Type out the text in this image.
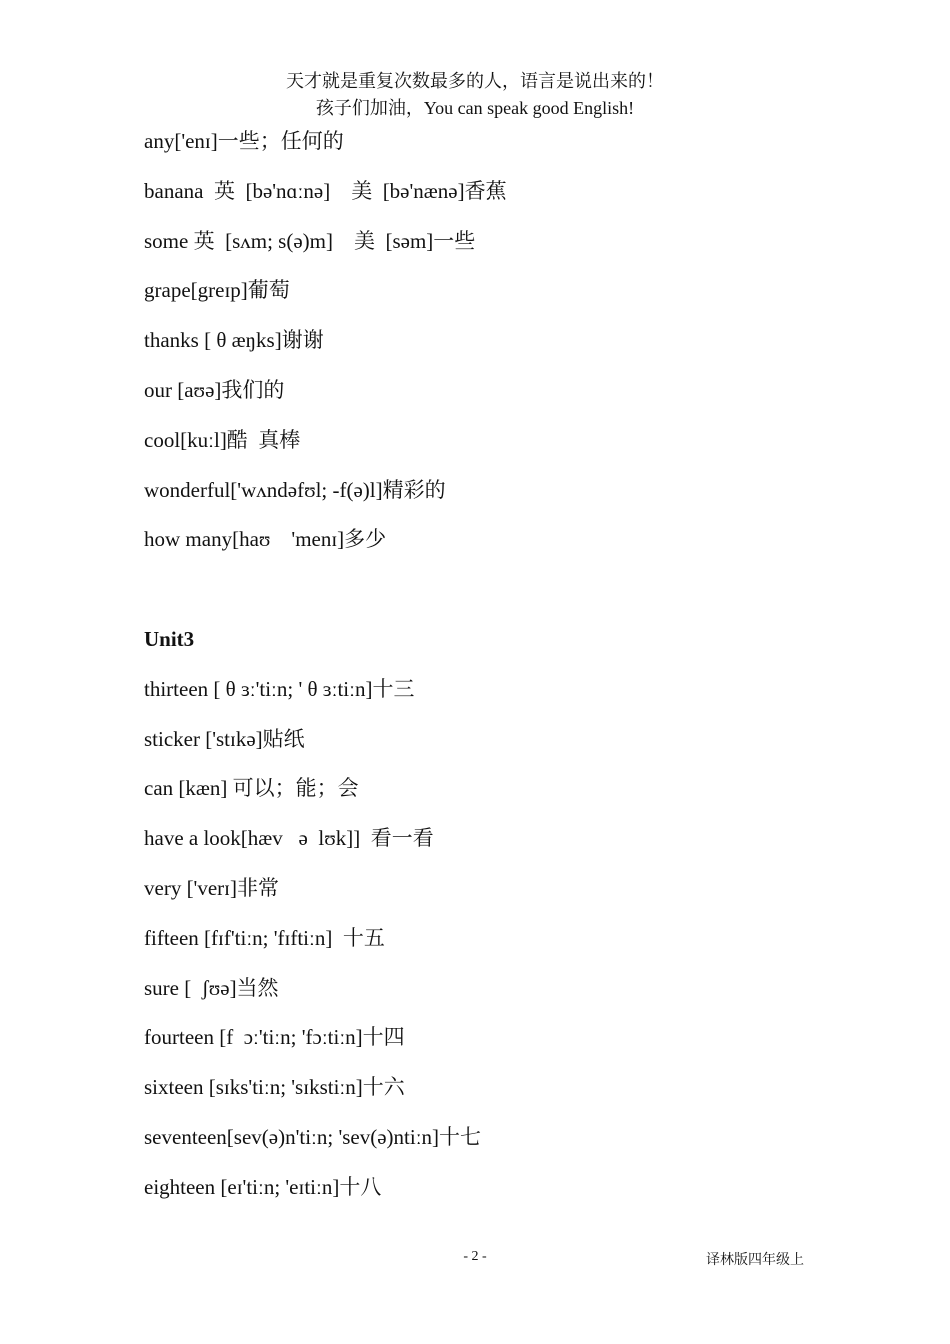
天才就是重复次数最多的人，语言是说出来的！
孩子们加油，You can speak good English!
any['enɪ]一些；任何的
banana  英  [bə'nɑːnə]    美  [bə'nænə]香蕉
some 英  [sʌm; s(ə)m]    美  [səm]一些
grape[greɪp]葡萄
thanks [ θ æŋks]谢谢
our [aʊə]我们的
cool[kuːl]酷  真棒
wonderful['wʌndəfʊl; -f(ə)l]精彩的
how many[haʊ    'menɪ]多少
Unit3
thirteen [ θ ɜː'tiːn; ' θ ɜːtiːn]十三
sticker ['stɪkə]贴纸
can [kæn] 可以；能；会
have a look[hæv   ə  lʊk]]  看一看
very ['verɪ]非常
fifteen [fɪf'tiːn; 'fɪftiːn]  十五
sure [  ʃʊə]当然
fourteen [f  ɔː'tiːn; 'fɔːtiːn]十四
sixteen [sɪks'tiːn; 'sɪkstiːn]十六
seventeen[sev(ə)n'tiːn; 'sev(ə)ntiːn]十七
eighteen [eɪ'tiːn; 'eɪtiːn]十八
- 2 -	译林版四年级上
